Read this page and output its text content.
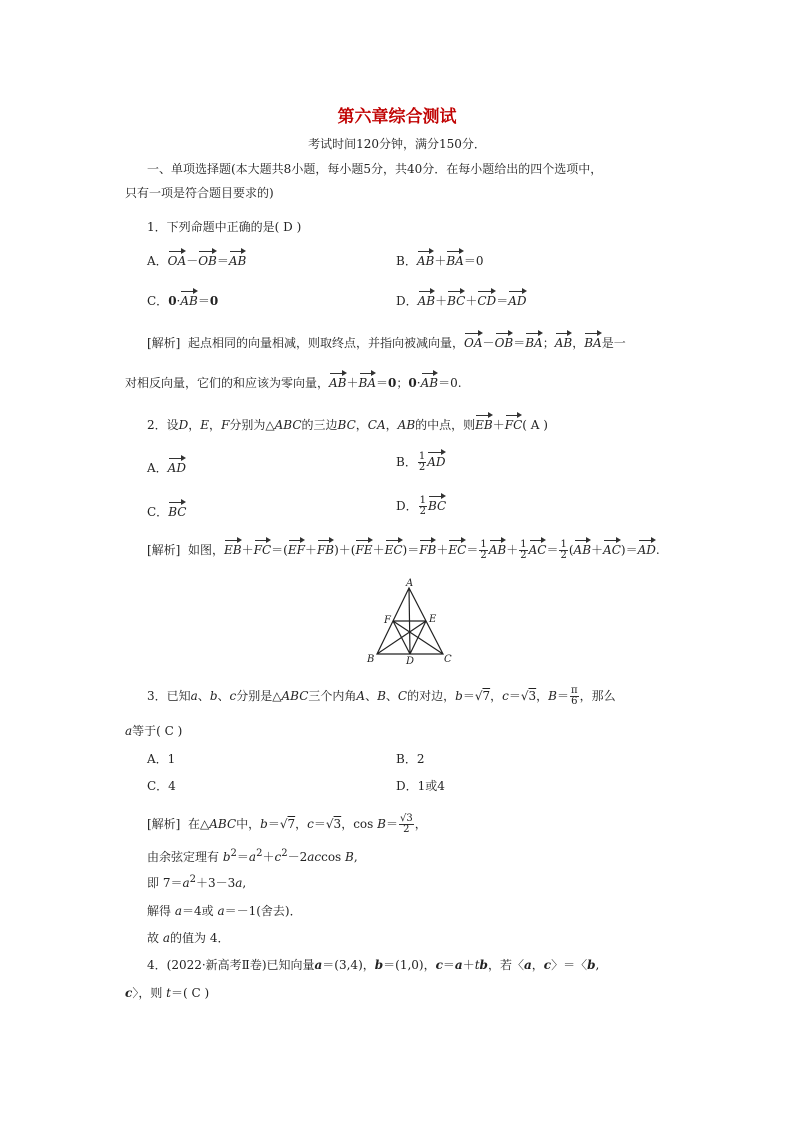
第六章综合测试
考试时间120分钟，满分150分．
一、单项选择题(本大题共8小题，每小题5分，共40分．在每小题给出的四个选项中，
只有一项是符合题目要求的)
1．下列命题中正确的是( D )
A．OA－OB＝AB	B．AB＋BA＝0
C．0·AB＝0	D．AB＋BC＋CD＝AD
[解析] 起点相同的向量相减，则取终点，并指向被减向量，OA－OB＝BA；AB，BA是一
对相反向量，它们的和应该为零向量，AB＋BA＝0；0·AB＝0.
2．设D，E，F分别为△ABC的三边BC，CA，AB的中点，则EB＋FC( A )
A．AD	B． $\frac{1}{2}$ AD
C．BC	D． $\frac{1}{2}$ BC
[解析] 如图，$EB+FC=(EF+FB)+(FE+EC)=FB+EC= \frac{1}{2} AB+ \frac{1}{2} AC= \frac{1}{2} (AB+AC)=AD$.
A
B	C
D
E
F
3．已知a、b、c分别是△ABC三个内角A、B、C的对边，b＝√7，c＝√3，$B= \frac{\pi}{6}$ ，那么
a等于( C )
A．1	B．2
C．4	D．1或4
[解析] 在△ABC中，b＝√7，c＝√3，$\cos B= \frac{√3}{2}$ ，
由余弦定理有 $b^2=a^2+c^2-2accos$ B,
即 $7=a^2+3-3a$,
解得 a＝4或 a＝－1(舍去)．
故 a的值为 4．
4．(2022·新高考Ⅱ卷)已知向量a＝(3,4)，b＝(1,0)，c＝a＋tb，若〈a，c〉＝〈b,
c〉，则 t＝( C )
